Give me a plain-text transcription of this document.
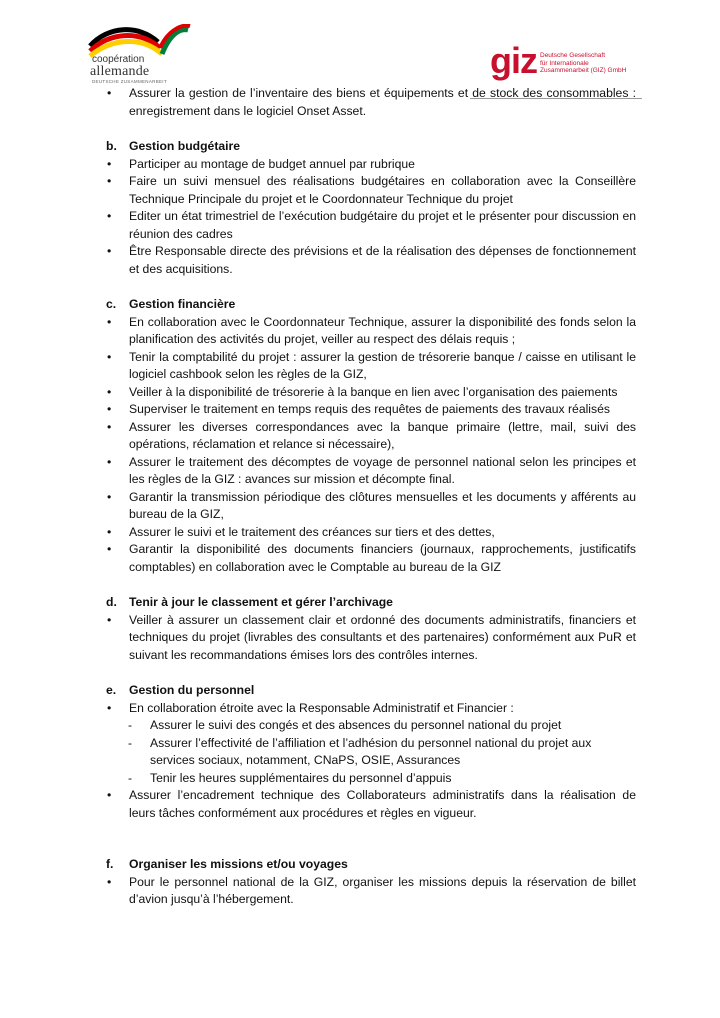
coopération
allemande
DEUTSCHE ZUSAMMENARBEIT
giz Deutsche Gesellschaft
für Internationale
Zusammenarbeit (GIZ) GmbH
• Assurer la gestion de l’inventaire des biens et équipements et de stock des consommables : enregistrement dans le logiciel Onset Asset.
b. Gestion budgétaire
• Participer au montage de budget annuel par rubrique
• Faire un suivi mensuel des réalisations budgétaires en collaboration avec la Conseillère Technique Principale du projet et le Coordonnateur Technique du projet
• Editer un état trimestriel de l’exécution budgétaire du projet et le présenter pour discussion en réunion des cadres
• Être Responsable directe des prévisions et de la réalisation des dépenses de fonctionnement et des acquisitions.
c. Gestion financière
• En collaboration avec le Coordonnateur Technique, assurer la disponibilité des fonds selon la planification des activités du projet, veiller au respect des délais requis ;
• Tenir la comptabilité du projet : assurer la gestion de trésorerie banque / caisse en utilisant le logiciel cashbook selon les règles de la GIZ,
• Veiller à la disponibilité de trésorerie à la banque en lien avec l’organisation des paiements
• Superviser le traitement en temps requis des requêtes de paiements des travaux réalisés
• Assurer les diverses correspondances avec la banque primaire (lettre, mail, suivi des opérations, réclamation et relance si nécessaire),
• Assurer le traitement des décomptes de voyage de personnel national selon les principes et les règles de la GIZ : avances sur mission et décompte final.
• Garantir la transmission périodique des clôtures mensuelles et les documents y afférents au bureau de la GIZ,
• Assurer le suivi et le traitement des créances sur tiers et des dettes,
• Garantir la disponibilité des documents financiers (journaux, rapprochements, justificatifs comptables) en collaboration avec le Comptable au bureau de la GIZ
d. Tenir à jour le classement et gérer l’archivage
• Veiller à assurer un classement clair et ordonné des documents administratifs, financiers et techniques du projet (livrables des consultants et des partenaires) conformément aux PuR et suivant les recommandations émises lors des contrôles internes.
e. Gestion du personnel
• En collaboration étroite avec la Responsable Administratif et Financier :
- Assurer le suivi des congés et des absences du personnel national du projet
- Assurer l’effectivité de l’affiliation et l’adhésion du personnel national du projet aux services sociaux, notamment, CNaPS, OSIE, Assurances
- Tenir les heures supplémentaires du personnel d’appuis
• Assurer l’encadrement technique des Collaborateurs administratifs dans la réalisation de leurs tâches conformément aux procédures et règles en vigueur.
f. Organiser les missions et/ou voyages
• Pour le personnel national de la GIZ, organiser les missions depuis la réservation de billet d’avion jusqu’à l’hébergement.
